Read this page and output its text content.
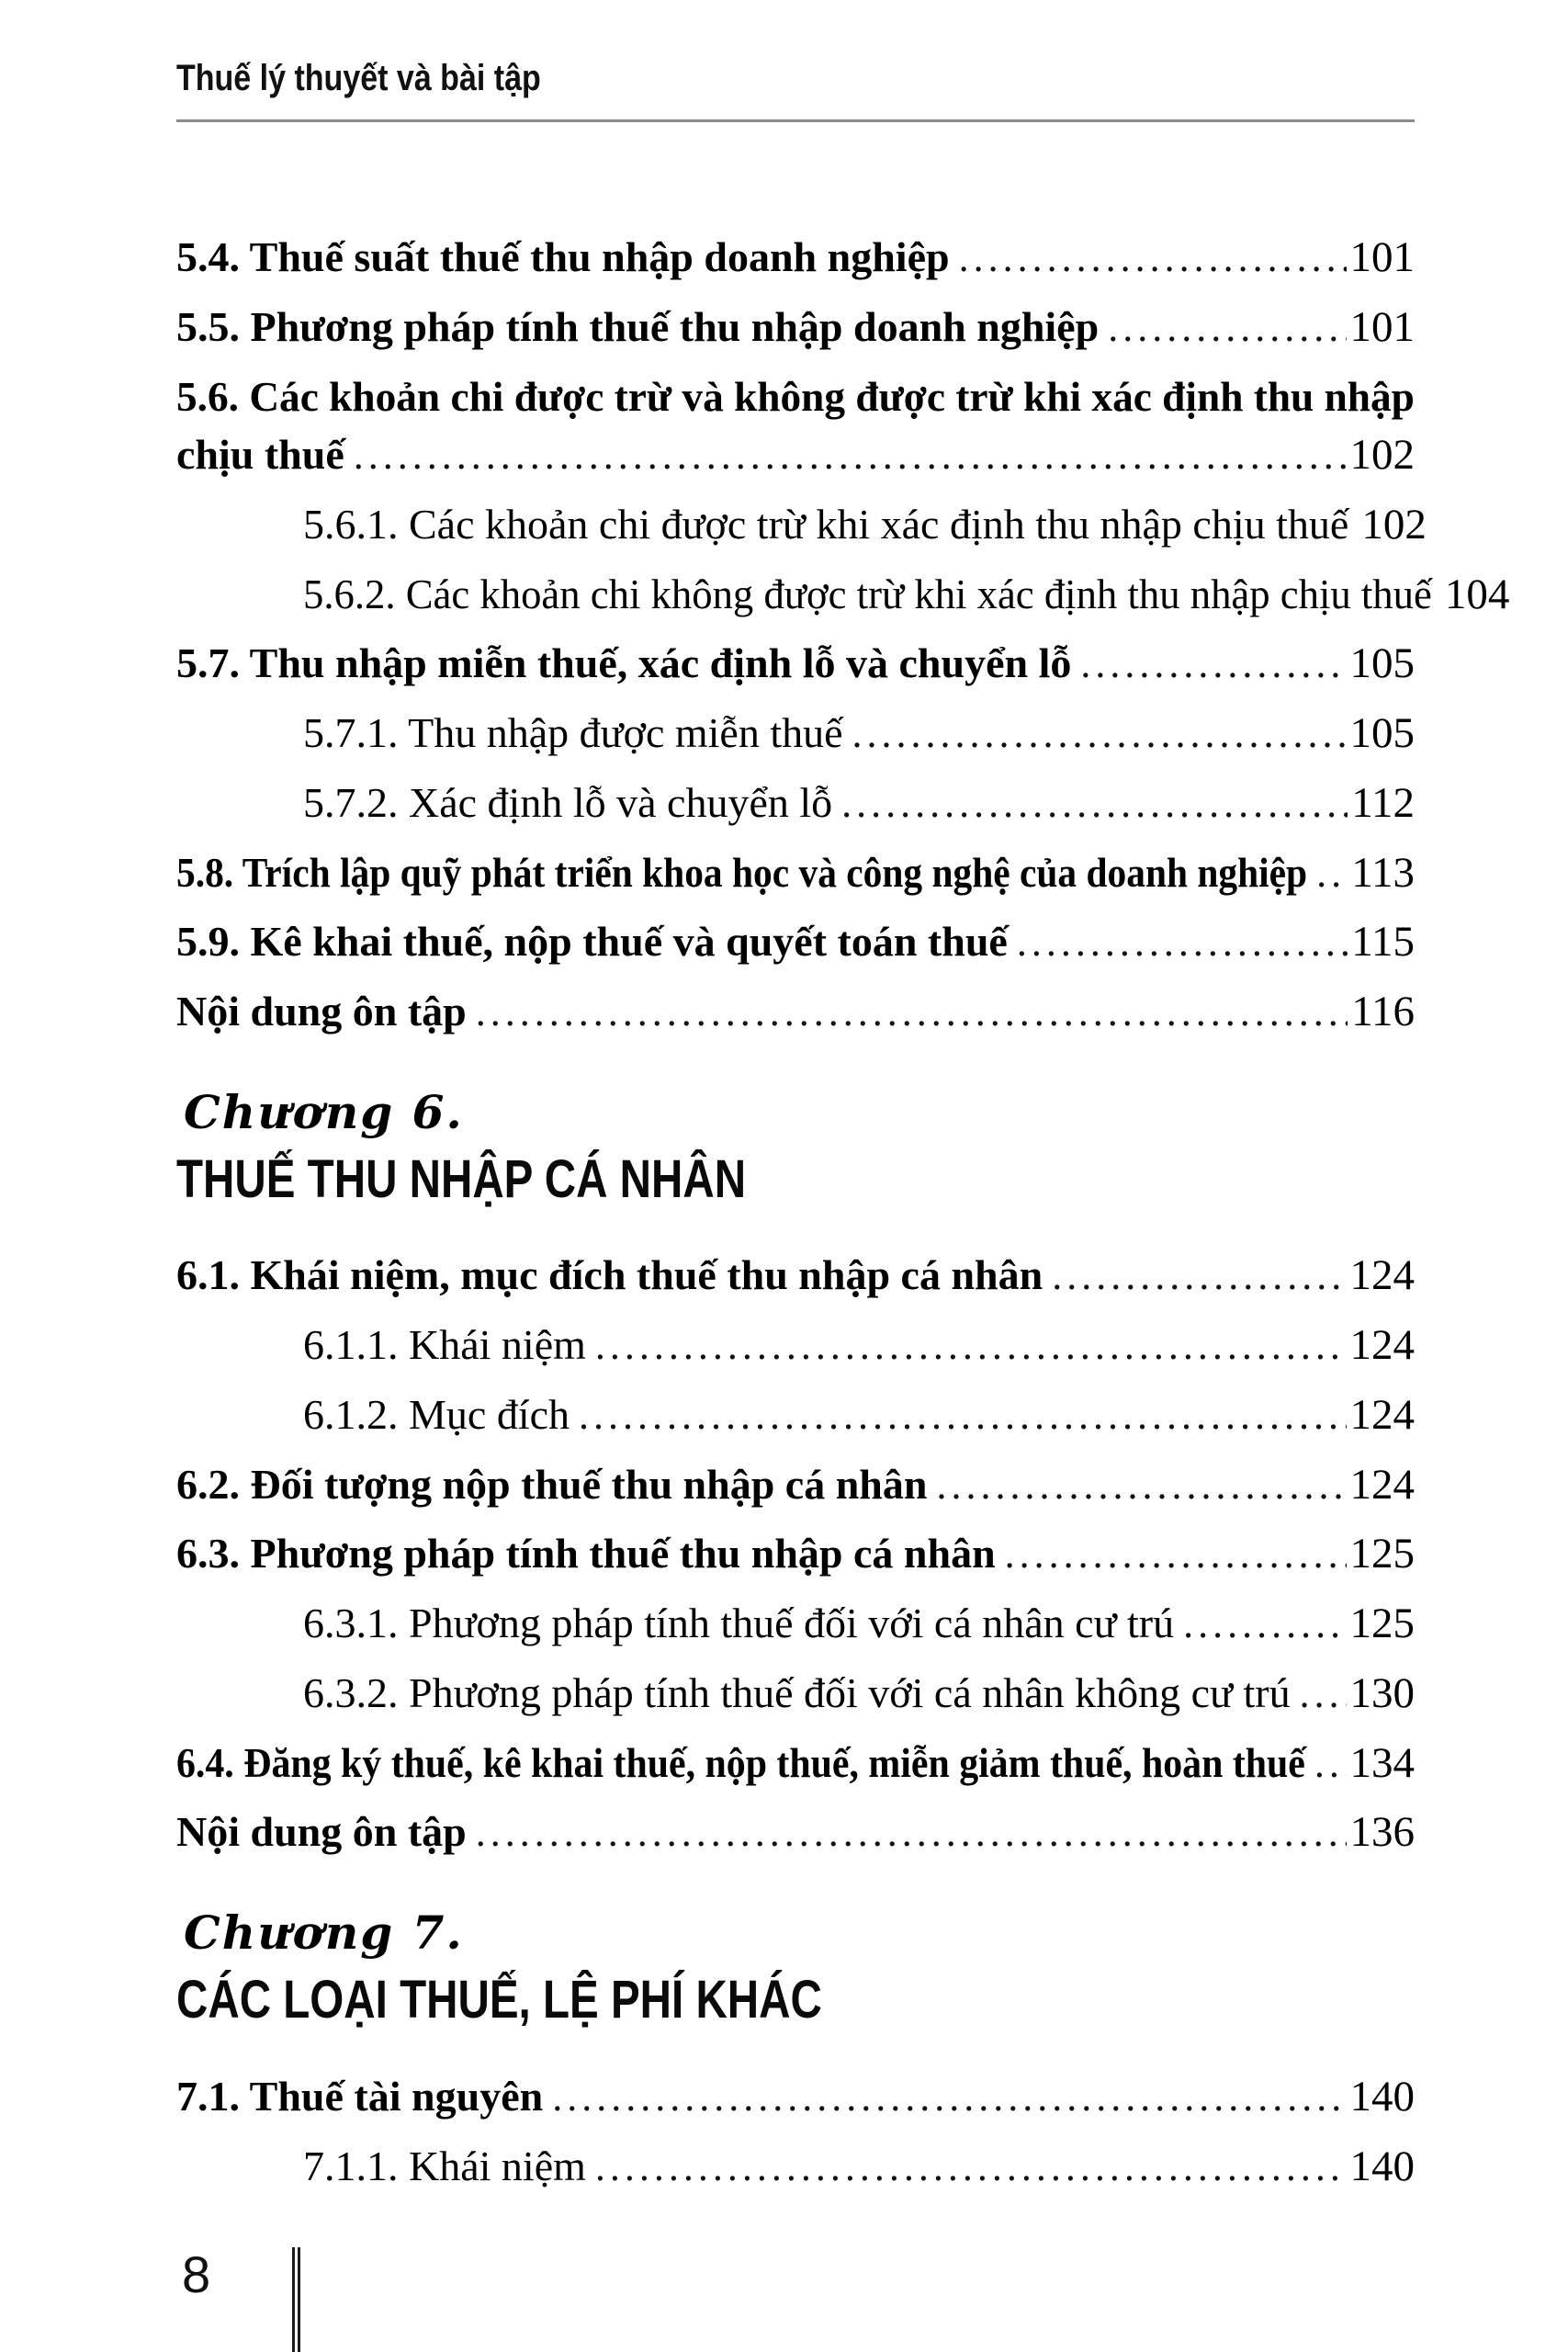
Thuế lý thuyết và bài tập
5.4. Thuế suất thuế thu nhập doanh nghiệp .....	101
5.5. Phương pháp tính thuế thu nhập doanh nghiệp .....	101
5.6. Các khoản chi được trừ và không được trừ khi xác định thu nhập
chịu thuế .....	102
5.6.1. Các khoản chi được trừ khi xác định thu nhập chịu thuế 102
5.6.2. Các khoản chi không được trừ khi xác định thu nhập chịu thuế 104
5.7. Thu nhập miễn thuế, xác định lỗ và chuyển lỗ .....	105
5.7.1. Thu nhập được miễn thuế .....	105
5.7.2. Xác định lỗ và chuyển lỗ .....	112
5.8. Trích lập quỹ phát triển khoa học và công nghệ của doanh nghiệp ..... 113
5.9. Kê khai thuế, nộp thuế và quyết toán thuế .....	115
Nội dung ôn tập .....	116
Chương 6.
THUẾ THU NHẬP CÁ NHÂN
6.1. Khái niệm, mục đích thuế thu nhập cá nhân .....	124
6.1.1. Khái niệm .....	124
6.1.2. Mục đích .....	124
6.2. Đối tượng nộp thuế thu nhập cá nhân .....	124
6.3. Phương pháp tính thuế thu nhập cá nhân .....	125
6.3.1. Phương pháp tính thuế đối với cá nhân cư trú .....	125
6.3.2. Phương pháp tính thuế đối với cá nhân không cư trú ..... 130
6.4. Đăng ký thuế, kê khai thuế, nộp thuế, miễn giảm thuế, hoàn thuế ..... 134
Nội dung ôn tập .....	136
Chương 7.
CÁC LOẠI THUẾ, LỆ PHÍ KHÁC
7.1. Thuế tài nguyên .....	140
7.1.1. Khái niệm .....	140
8
